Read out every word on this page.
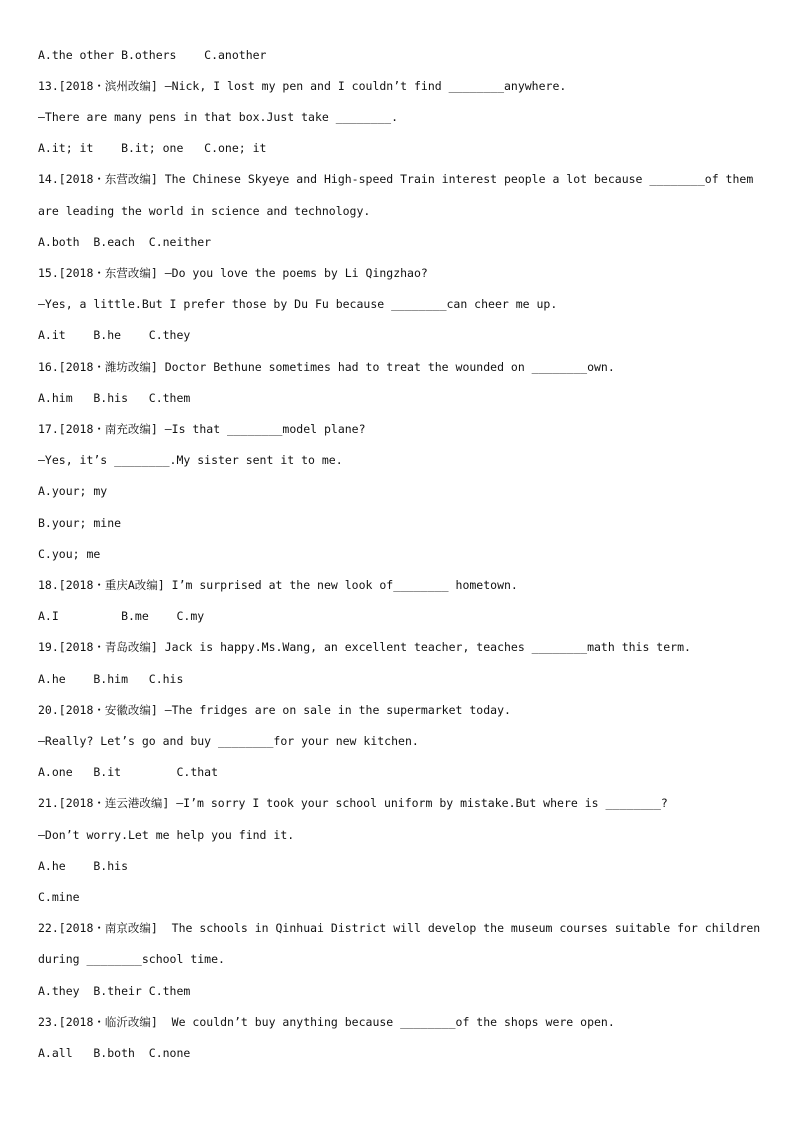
A.the other B.others    C.another
13.[2018・滨州改编] —Nick, I lost my pen and I couldn’t find ________anywhere.
—There are many pens in that box.Just take ________.
A.it; it    B.it; one   C.one; it
14.[2018・东营改编] The Chinese Skyeye and High-speed Train interest people a lot because ________of them
are leading the world in science and technology.
A.both  B.each  C.neither
15.[2018・东营改编] —Do you love the poems by Li Qingzhao?
—Yes, a little.But I prefer those by Du Fu because ________can cheer me up.
A.it    B.he    C.they
16.[2018・潍坊改编] Doctor Bethune sometimes had to treat the wounded on ________own.
A.him   B.his   C.them
17.[2018・南充改编] —Is that ________model plane?
—Yes, it’s ________.My sister sent it to me.
A.your; my
B.your; mine
C.you; me
18.[2018・重庆A改编] I’m surprised at the new look of________ hometown.
A.I         B.me    C.my
19.[2018・青岛改编] Jack is happy.Ms.Wang, an excellent teacher, teaches ________math this term.
A.he    B.him   C.his
20.[2018・安徽改编] —The fridges are on sale in the supermarket today.
—Really? Let’s go and buy ________for your new kitchen.
A.one   B.it        C.that
21.[2018・连云港改编] —I’m sorry I took your school uniform by mistake.But where is ________?
—Don’t worry.Let me help you find it.
A.he    B.his
C.mine
22.[2018・南京改编]  The schools in Qinhuai District will develop the museum courses suitable for children
during ________school time.
A.they  B.their C.them
23.[2018・临沂改编]  We couldn’t buy anything because ________of the shops were open.
A.all   B.both  C.none
